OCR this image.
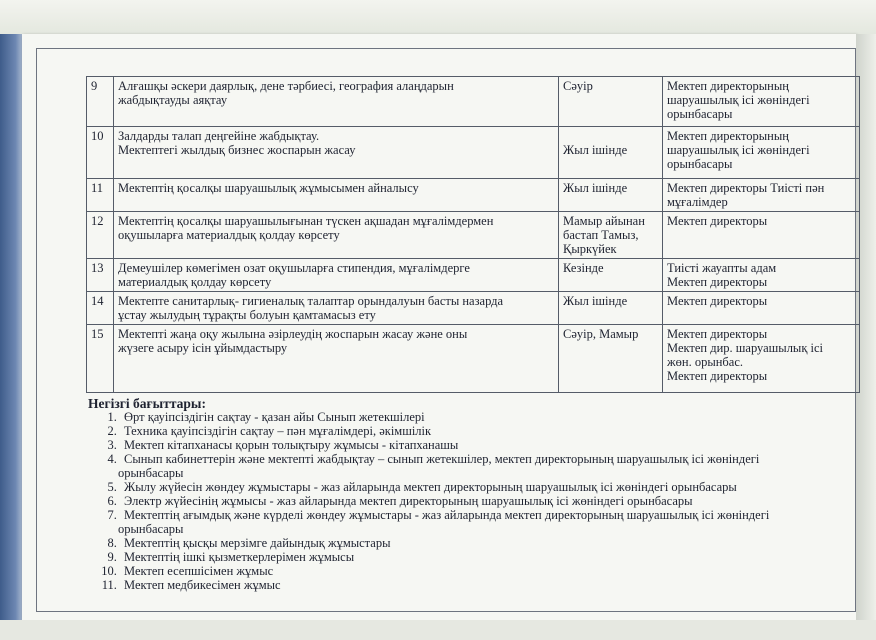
9	Алғашқы әскери даярлық, дене тәрбиесі, география алаңдарын
жабдықтауды аяқтау	Сәуір	Мектеп директорының
шаруашылық ісі жөніндегі
орынбасары

10	Залдарды талап деңгейіне жабдықтау.
Мектептегі жылдық бизнес жоспарын жасау	Жыл ішінде	Мектеп директорының
шаруашылық ісі жөніндегі
орынбасары

11	Мектептің қосалқы шаруашылық жұмысымен айналысу	Жыл ішінде	Мектеп директоры Тиісті пән
мұғалімдер

12	Мектептің қосалқы шаруашылығынан түскен ақшадан мұғалімдермен
оқушыларға материалдық қолдау көрсету	Мамыр айынан
бастап Тамыз,
Қыркүйек	Мектеп директоры

13	Демеушілер көмегімен озат оқушыларға стипендия, мұғалімдерге
материалдық қолдау көрсету	Кезінде	Тиісті жауапты адам
Мектеп директоры

14	Мектепте санитарлық- гигиеналық талаптар орындалуын басты назарда
ұстау жылудың тұрақты болуын қамтамасыз ету	Жыл ішінде	Мектеп директоры

15	Мектепті жаңа оқу жылына әзірлеудің жоспарын жасау және оны
жүзеге асыру ісін ұйымдастыру	Сәуір, Мамыр	Мектеп директоры
Мектеп дир. шаруашылық ісі
жөн. орынбас.
Мектеп директоры
Негізгі бағыттары:
1. Өрт қауіпсіздігін сақтау - қазан айы Сынып жетекшілері
2. Техника қауіпсіздігін сақтау – пән мұғалімдері, әкімшілік
3. Мектеп кітапханасы қорын толықтыру жұмысы - кітапханашы
4. Сынып кабинеттерін және мектепті жабдықтау – сынып жетекшілер, мектеп директорының шаруашылық ісі жөніндегі
орынбасары
5. Жылу жүйесін жөндеу жұмыстары - жаз айларында мектеп директорының шаруашылық ісі жөніндегі орынбасары
6. Электр жүйесінің жұмысы - жаз айларында мектеп директорының шаруашылық ісі жөніндегі орынбасары
7. Мектептің ағымдық және күрделі жөндеу жұмыстары - жаз айларында мектеп директорының шаруашылық ісі жөніндегі
орынбасары
8. Мектептің қысқы мерзімге дайындық жұмыстары
9. Мектептің ішкі қызметкерлерімен жұмысы
10. Мектеп есепшісімен жұмыс
11. Мектеп медбикесімен жұмыс
